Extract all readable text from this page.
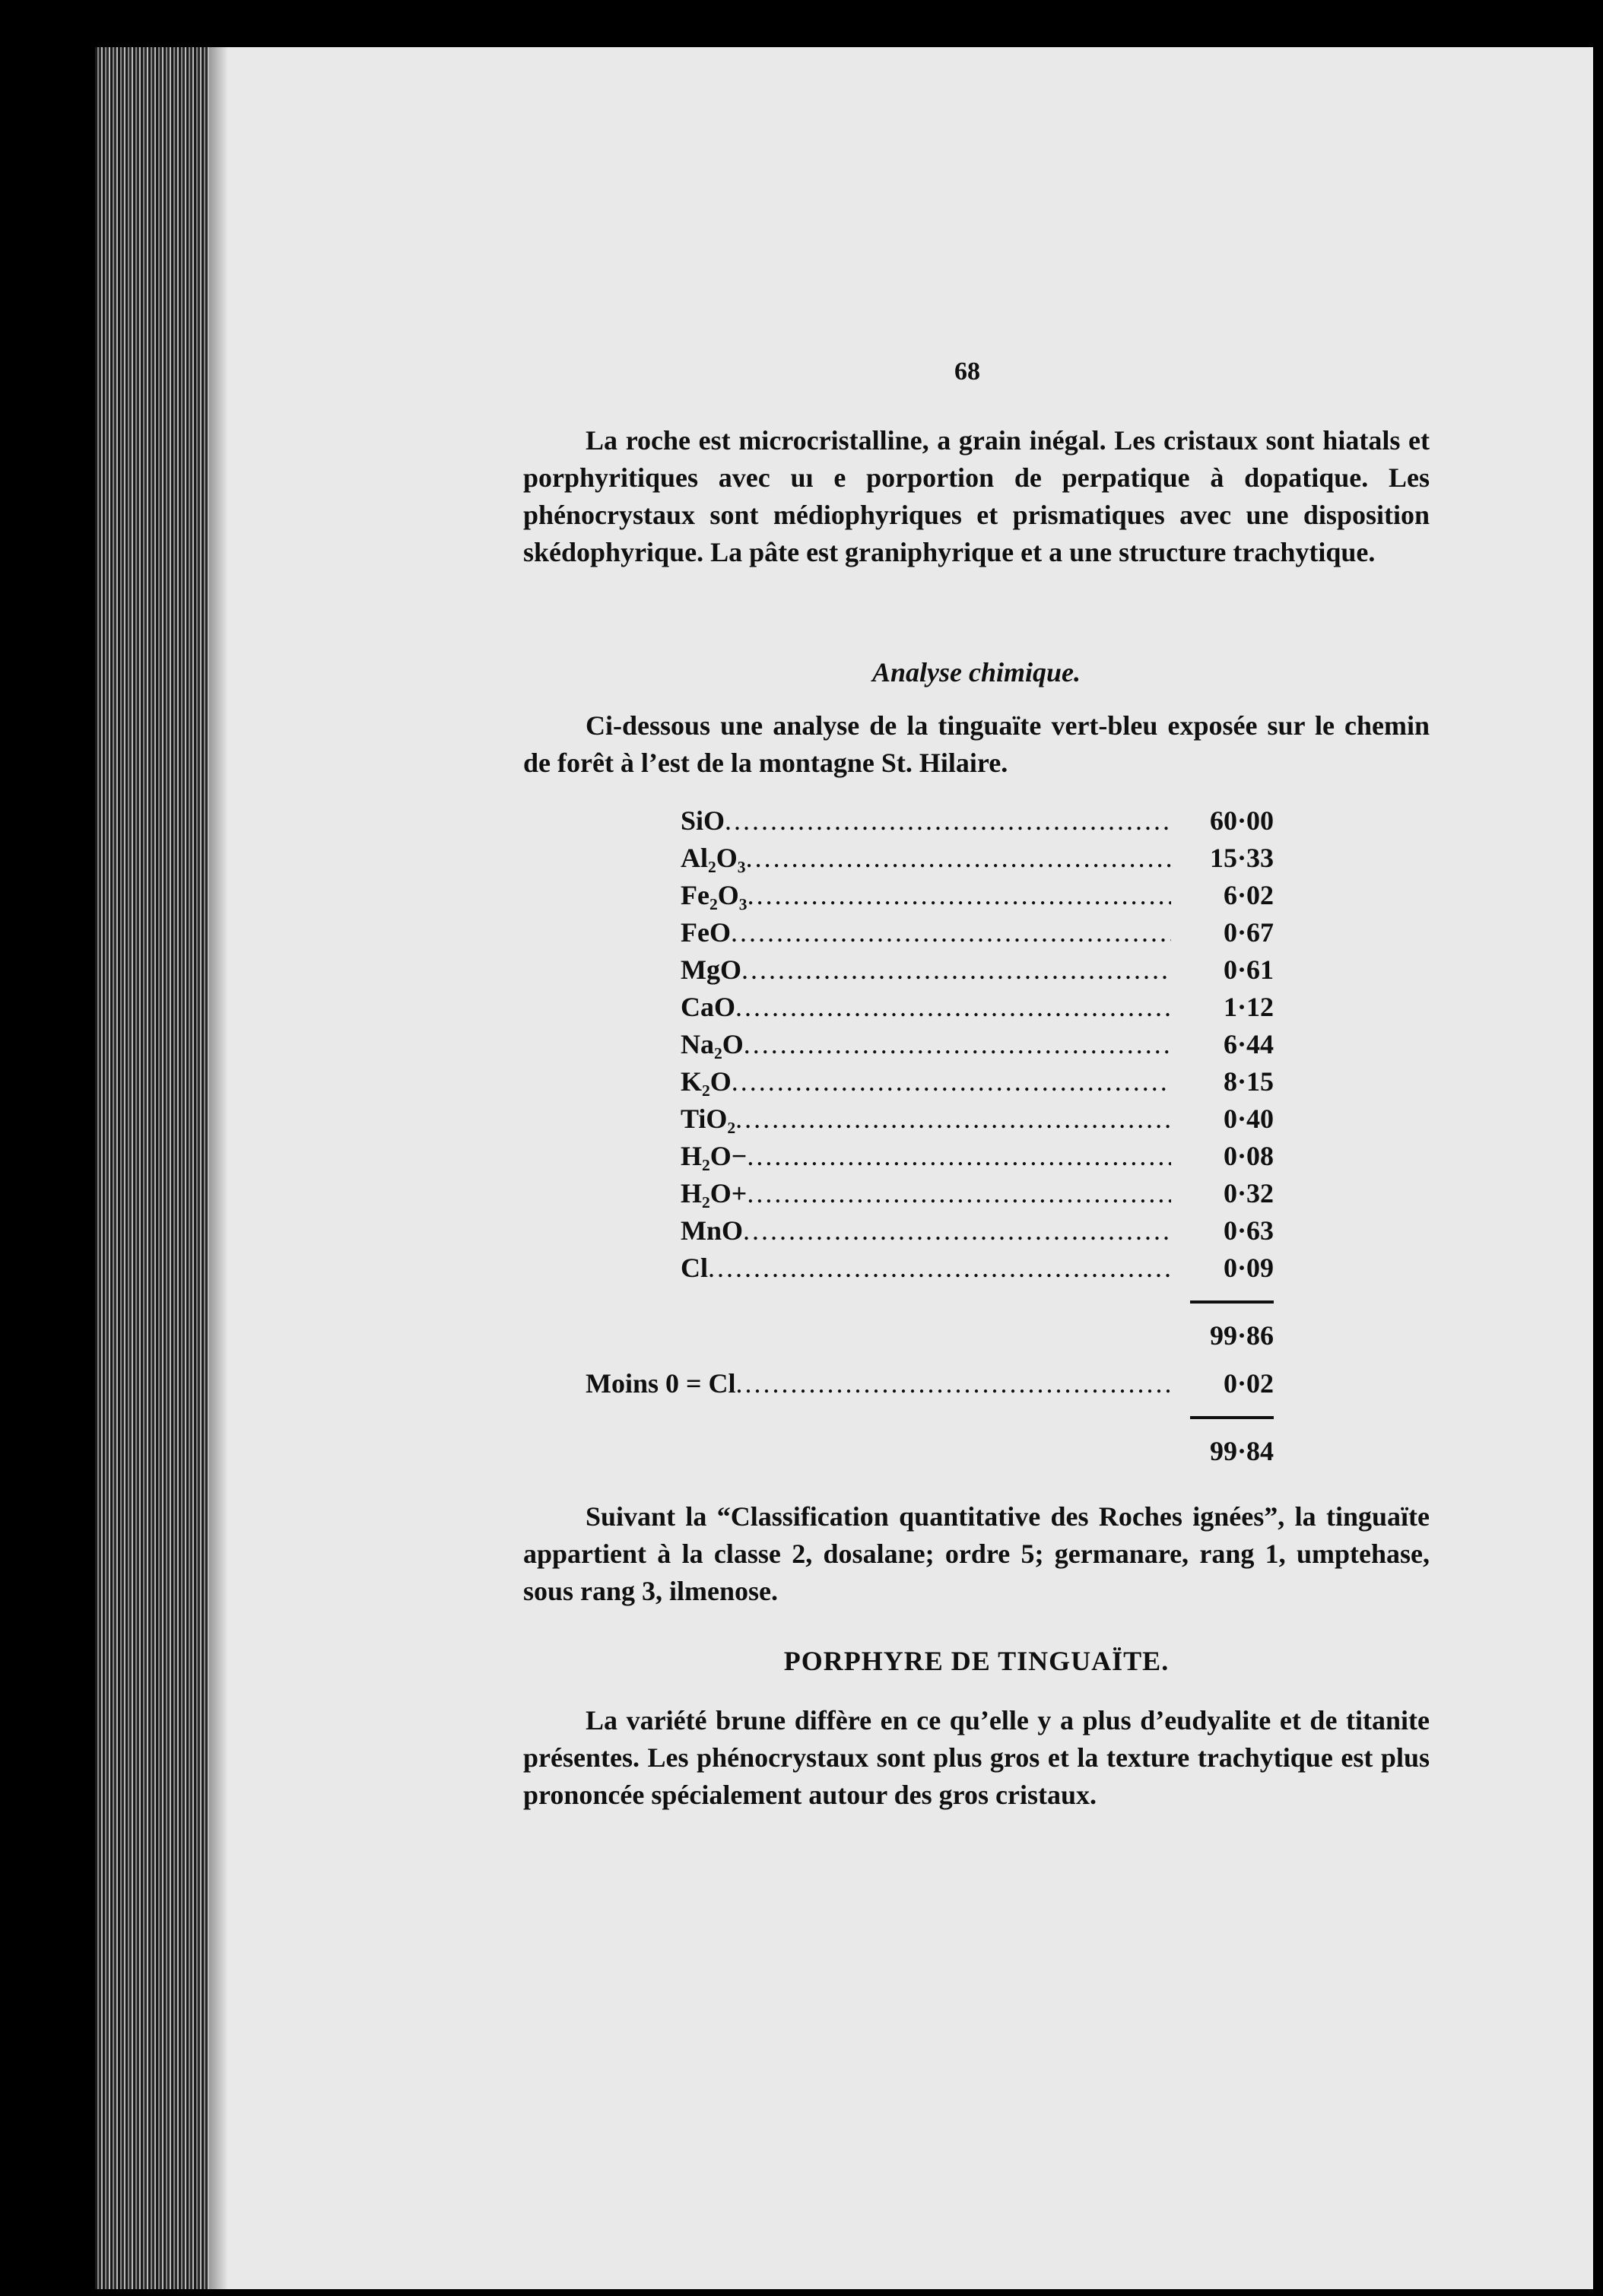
68

La roche est microcristalline, a grain inégal. Les cristaux sont hiatals et porphyritiques avec uı e porportion de perpatique à dopatique. Les phénocrystaux sont médiophyriques et prismatiques avec une disposition skédophyrique. La pâte est graniphyrique et a une structure trachytique.

Analyse chimique.

Ci-dessous une analyse de la tinguaïte vert-bleu exposée sur le chemin de forêt à l’est de la montagne St. Hilaire.

SiO .....	60·00
Al₂O₃ .....	15·33
Fe₂O₃ .....	6·02
FeO .....	0·67
MgO .....	0·61
CaO .....	1·12
Na₂O .....	6·44
K₂O .....	8·15
TiO₂ .....	0·40
H₂O− .....	0·08
H₂O+ .....	0·32
MnO .....	0·63
Cl .....	0·09
99·86
Moins 0 = Cl .....	0·02
99·84

Suivant la “Classification quantitative des Roches ignées”, la tinguaïte appartient à la classe 2, dosalane; ordre 5; germanare, rang 1, umptehase, sous rang 3, ilmenose.

PORPHYRE DE TINGUAÏTE.

La variété brune diffère en ce qu’elle y a plus d’eudyalite et de titanite présentes. Les phénocrystaux sont plus gros et la texture trachytique est plus prononcée spécialement autour des gros cristaux.
